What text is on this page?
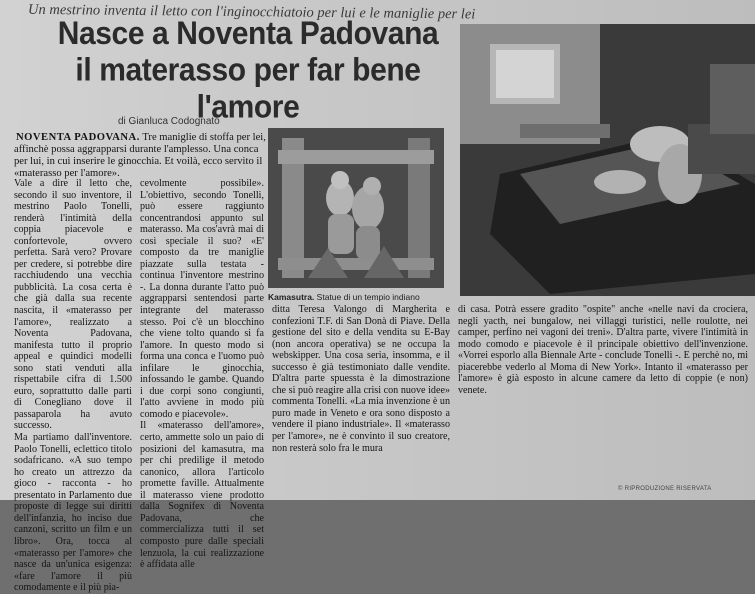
Un mestrino inventa il letto con l'inginocchiatoio per lui e le maniglie per lei
Nasce a Noventa Padovana
il materasso per far bene l'amore
di Gianluca Codognato
NOVENTA PADOVANA. Tre maniglie di stoffa per lei, affinchè possa aggrapparsi durante l'amplesso. Una conca per lui, in cui inserire le ginocchia. Et voilà, ecco servito il «materasso per l'amore».
Vale a dire il letto che, secondo il suo inventore, il mestrino Paolo Tonelli, renderà l'intimità della coppia piacevole e confortevole, ovvero perfetta. Sarà vero? Provare per credere, si potrebbe dire racchiudendo una vecchia pubblicità. La cosa certa è che già dalla sua recente nascita, il «materasso per l'amore», realizzato a Noventa Padovana, manifesta tutto il proprio appeal e quindici modelli sono stati venduti alla rispettabile cifra di 1.500 euro, soprattutto dalle parti di Conegliano dove il passaparola ha avuto successo.
Ma partiamo dall'inventore. Paolo Tonelli, eclettico titolo sodafricano. «A suo tempo ho creato un attrezzo da gioco - racconta - ho presentato in Parlamento due proposte di legge sui diritti dell'infanzia, ho inciso due canzoni, scritto un film e un libro». Ora, tocca al «materasso per l'amore» che nasce da un'unica esigenza: «fare l'amore il più comodamente e il più pia-
cevolmente possibile». L'obiettivo, secondo Tonelli, può essere raggiunto concentrandosi appunto sul materasso. Ma cos'avrà mai di così speciale il suo? «E' composto da tre maniglie piazzate sulla testata - continua l'inventore mestrino -. La donna durante l'atto può aggrapparsi sentendosi parte integrante del materasso stesso. Poi c'è un blocchino che viene tolto quando si fa l'amore. In questo modo si forma una conca e l'uomo può infilare le ginocchia, infossando le gambe. Quando i due corpi sono congiunti, l'atto avviene in modo più comodo e piacevole».
Il «materasso dell'amore», certo, ammette solo un paio di posizioni del kamasutra, ma per chi predilige il metodo canonico, allora l'articolo promette faville. Attualmente il materasso viene prodotto dalla Sognifex di Noventa Padovana, che commercializza tutti il set composto pure dalle speciali lenzuola, la cui realizzazione è affidata alle
ditta Teresa Valongo di Margherita e confezioni T.F. di San Donà di Piave. Della gestione del sito e della vendita su E-Bay (non ancora operativa) se ne occupa la webskipper. Una cosa seria, insomma, e il successo è già testimoniato dalle vendite. D'altra parte spuessta è la dimostrazione che si può reagire alla crisi con nuove idee» commenta Tonelli. «La mia invenzione è un puro made in Veneto e ora sono disposto a vendere il piano industriale». Il «materasso per l'amore», ne è convinto il suo creatore, non resterà solo fra le mura
di casa. Potrà essere gradito "ospite" anche «nelle navi da crociera, negli yacth, nei bungalow, nei villaggi turistici, nelle roulotte, nei camper, perfino nei vagoni dei treni». D'altra parte, vivere l'intimità in modo comodo e piacevole è il principale obiettivo dell'invenzione. «Vorrei esporlo alla Biennale Arte - conclude Tonelli -. E perchè no, mi piacerebbe vederlo al Moma di New York». Intanto il «materasso per l'amore» è già esposto in alcune camere da letto di coppie (e non) venete.
Kamasutra. Statue di un tempio indiano
© RIPRODUZIONE RISERVATA
